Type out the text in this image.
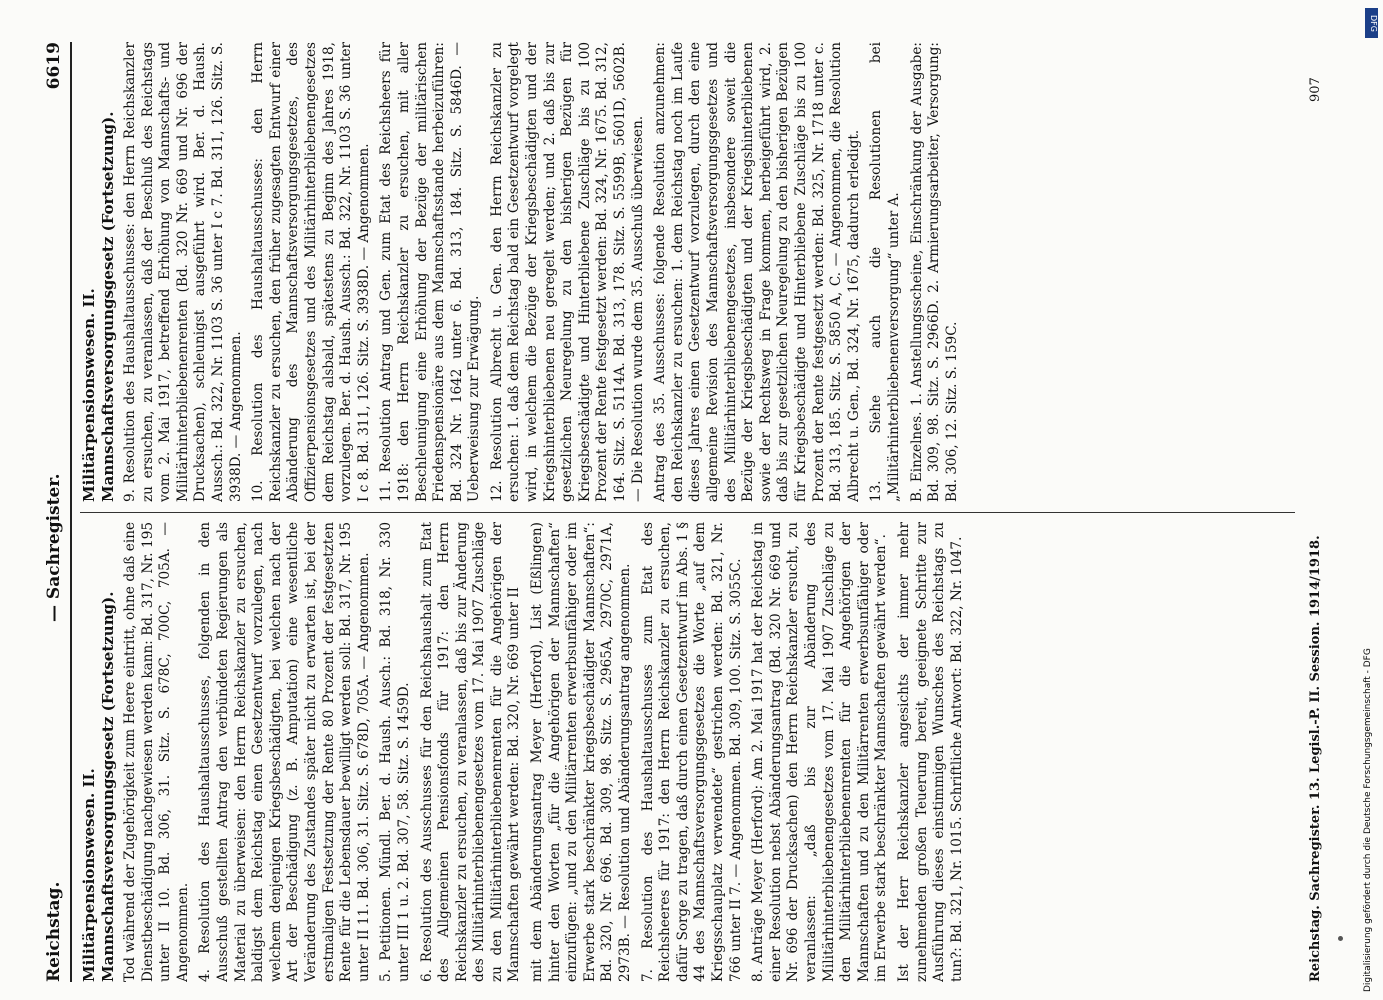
Reichstag.
— Sachregister.
6619

Militärpensionswesen. II. Mannschaftsversorgungsgesetz (Fortsetzung). Tod während der Zugehörigkeit zum Heere eintritt, ohne daß eine Dienstbeschädigung nachgewiesen werden kann: Bd. 317, Nr. 195 unter II 10. Bd. 306, 31. Sitz. S. 678C, 700C, 705A. — Angenommen. 4. Resolution des Haushaltausschusses, folgenden in den Ausschuß gestellten Antrag den verbündeten Regierungen als Material zu überweisen: den Herrn Reichskanzler zu ersuchen, baldigst dem Reichstag einen Gesetzentwurf vorzulegen, nach welchem denjenigen Kriegsbeschädigten, bei welchen nach der Art der Beschädigung (z. B. Amputation) eine wesentliche Veränderung des Zustandes später nicht zu erwarten ist, bei der erstmaligen Festsetzung der Rente 80 Prozent der festgesetzten Rente für die Lebensdauer bewilligt werden soll: Bd. 317, Nr. 195 unter II 11. Bd. 306, 31. Sitz. S. 678D, 705A. — Angenommen. 5. Petitionen. Mündl. Ber. d. Haush. Ausch.: Bd. 318, Nr. 330 unter III 1 u. 2. Bd. 307, 58. Sitz. S. 1459D. 6. Resolution des Ausschusses für den Reichshaushalt zum Etat des Allgemeinen Pensionsfonds für 1917: den Herrn Reichskanzler zu ersuchen, zu veranlassen, daß bis zur Änderung des Militärhinterbliebenengesetzes vom 17. Mai 1907 Zuschläge zu den Militärhinterbliebenenrenten für die Angehörigen der Mannschaften gewährt werden: Bd. 320, Nr. 669 unter II mit dem Abänderungsantrag Meyer (Herford), List (Eßlingen) hinter den Worten „für die Angehörigen der Mannschaften“ einzufügen: „und zu den Militärrenten erwerbsunfähiger oder im Erwerbe stark beschränkter kriegsbeschädigter Mannschaften“: Bd. 320, Nr. 696. Bd. 309, 98. Sitz. S. 2965A, 2970C, 2971A, 2973B. — Resolution und Abänderungsantrag angenommen. 7. Resolution des Haushaltausschusses zum Etat des Reichsheeres für 1917: den Herrn Reichskanzler zu ersuchen, dafür Sorge zu tragen, daß durch einen Gesetzentwurf im Abs. 1 § 44 des Mannschaftsversorgungsgesetzes die Worte „auf dem Kriegsschauplatz verwendete“ gestrichen werden: Bd. 321, Nr. 766 unter II 7. — Angenommen. Bd. 309, 100. Sitz. S. 3055C. 8. Anträge Meyer (Herford): Am 2. Mai 1917 hat der Reichstag in einer Resolution nebst Abänderungsantrag (Bd. 320 Nr. 669 und Nr. 696 der Drucksachen) den Herrn Reichskanzler ersucht, zu veranlassen: „daß bis zur Abänderung des Militärhinterbliebenengesetzes vom 17. Mai 1907 Zuschläge zu den Militärhinterbliebenenrenten für die Angehörigen der Mannschaften und zu den Militärrenten erwerbsunfähiger oder im Erwerbe stark beschränkter Mannschaften gewährt werden“. Ist der Herr Reichskanzler angesichts der immer mehr zunehmenden großen Teuerung bereit, geeignete Schritte zur Ausführung dieses einstimmigen Wunsches des Reichstags zu tun?: Bd. 321, Nr. 1015. Schriftliche Antwort: Bd. 322, Nr. 1047.

Militärpensionswesen. II. Mannschaftsversorgungsgesetz (Fortsetzung). 9. Resolution des Haushaltausschusses: den Herrn Reichskanzler zu ersuchen, zu veranlassen, daß der Beschluß des Reichstags vom 2. Mai 1917, betreffend Erhöhung von Mannschafts- und Militärhinterbliebenenrenten (Bd. 320 Nr. 669 und Nr. 696 der Drucksachen), schleunigst ausgeführt wird. Ber. d. Haush. Aussch.: Bd. 322, Nr. 1103 S. 36 unter I c 7. Bd. 311, 126. Sitz. S. 3938D. — Angenommen. 10. Resolution des Haushaltausschusses: den Herrn Reichskanzler zu ersuchen, den früher zugesagten Entwurf einer Abänderung des Mannschaftsversorgungsgesetzes, des Offizierpensionsgesetzes und des Militärhinterbliebenengesetzes dem Reichstag alsbald, spätestens zu Beginn des Jahres 1918, vorzulegen. Ber. d. Haush. Aussch.: Bd. 322, Nr. 1103 S. 36 unter I c 8. Bd. 311, 126. Sitz. S. 3938D. — Angenommen. 11. Resolution Antrag und Gen. zum Etat des Reichsheers für 1918: den Herrn Reichskanzler zu ersuchen, mit aller Beschleunigung eine Erhöhung der Bezüge der militärischen Friedenspensionäre aus dem Mannschaftsstande herbeizuführen: Bd. 324 Nr. 1642 unter 6. Bd. 313, 184. Sitz. S. 5846D. — Ueberweisung zur Erwägung. 12. Resolution Albrecht u. Gen. den Herrn Reichskanzler zu ersuchen: 1. daß dem Reichstag bald ein Gesetzentwurf vorgelegt wird, in welchem die Bezüge der Kriegsbeschädigten und der Kriegshinterbliebenen neu geregelt werden; und 2. daß bis zur gesetzlichen Neuregelung zu den bisherigen Bezügen für Kriegsbeschädigte und Hinterbliebene Zuschläge bis zu 100 Prozent der Rente festgesetzt werden: Bd. 324, Nr. 1675. Bd. 312, 164. Sitz. S. 5114A. Bd. 313, 178. Sitz. S. 5599B, 5601D, 5602B. — Die Resolution wurde dem 35. Ausschuß überwiesen. Antrag des 35. Ausschusses: folgende Resolution anzunehmen: den Reichskanzler zu ersuchen: 1. dem Reichstag noch im Laufe dieses Jahres einen Gesetzentwurf vorzulegen, durch den eine allgemeine Revision des Mannschaftsversorgungsgesetzes und des Militärhinterbliebenengesetzes, insbesondere soweit die Bezüge der Kriegsbeschädigten und der Kriegshinterbliebenen sowie der Rechtsweg in Frage kommen, herbeigeführt wird, 2. daß bis zur gesetzlichen Neuregelung zu den bisherigen Bezügen für Kriegsbeschädigte und Hinterbliebene Zuschläge bis zu 100 Prozent der Rente festgesetzt werden: Bd. 325, Nr. 1718 unter c. Bd. 313, 185. Sitz. S. 5850 A, C. — Angenommen, die Resolution Albrecht u. Gen., Bd. 324, Nr. 1675, dadurch erledigt. 13. Siehe auch die Resolutionen bei „Militärhinterbliebenenversorgung“ unter A. B. Einzelnes. 1. Anstellungsscheine, Einschränkung der Ausgabe: Bd. 309, 98. Sitz. S. 2966D. 2. Armierungsarbeiter, Versorgung: Bd. 306, 12. Sitz. S. 159C.

Reichstag. Sachregister. 13. Legisl.-P. II. Session. 1914/1918.
907
DFG
Digitalisierung gefördert durch die Deutsche Forschungsgemeinschaft - DFG
